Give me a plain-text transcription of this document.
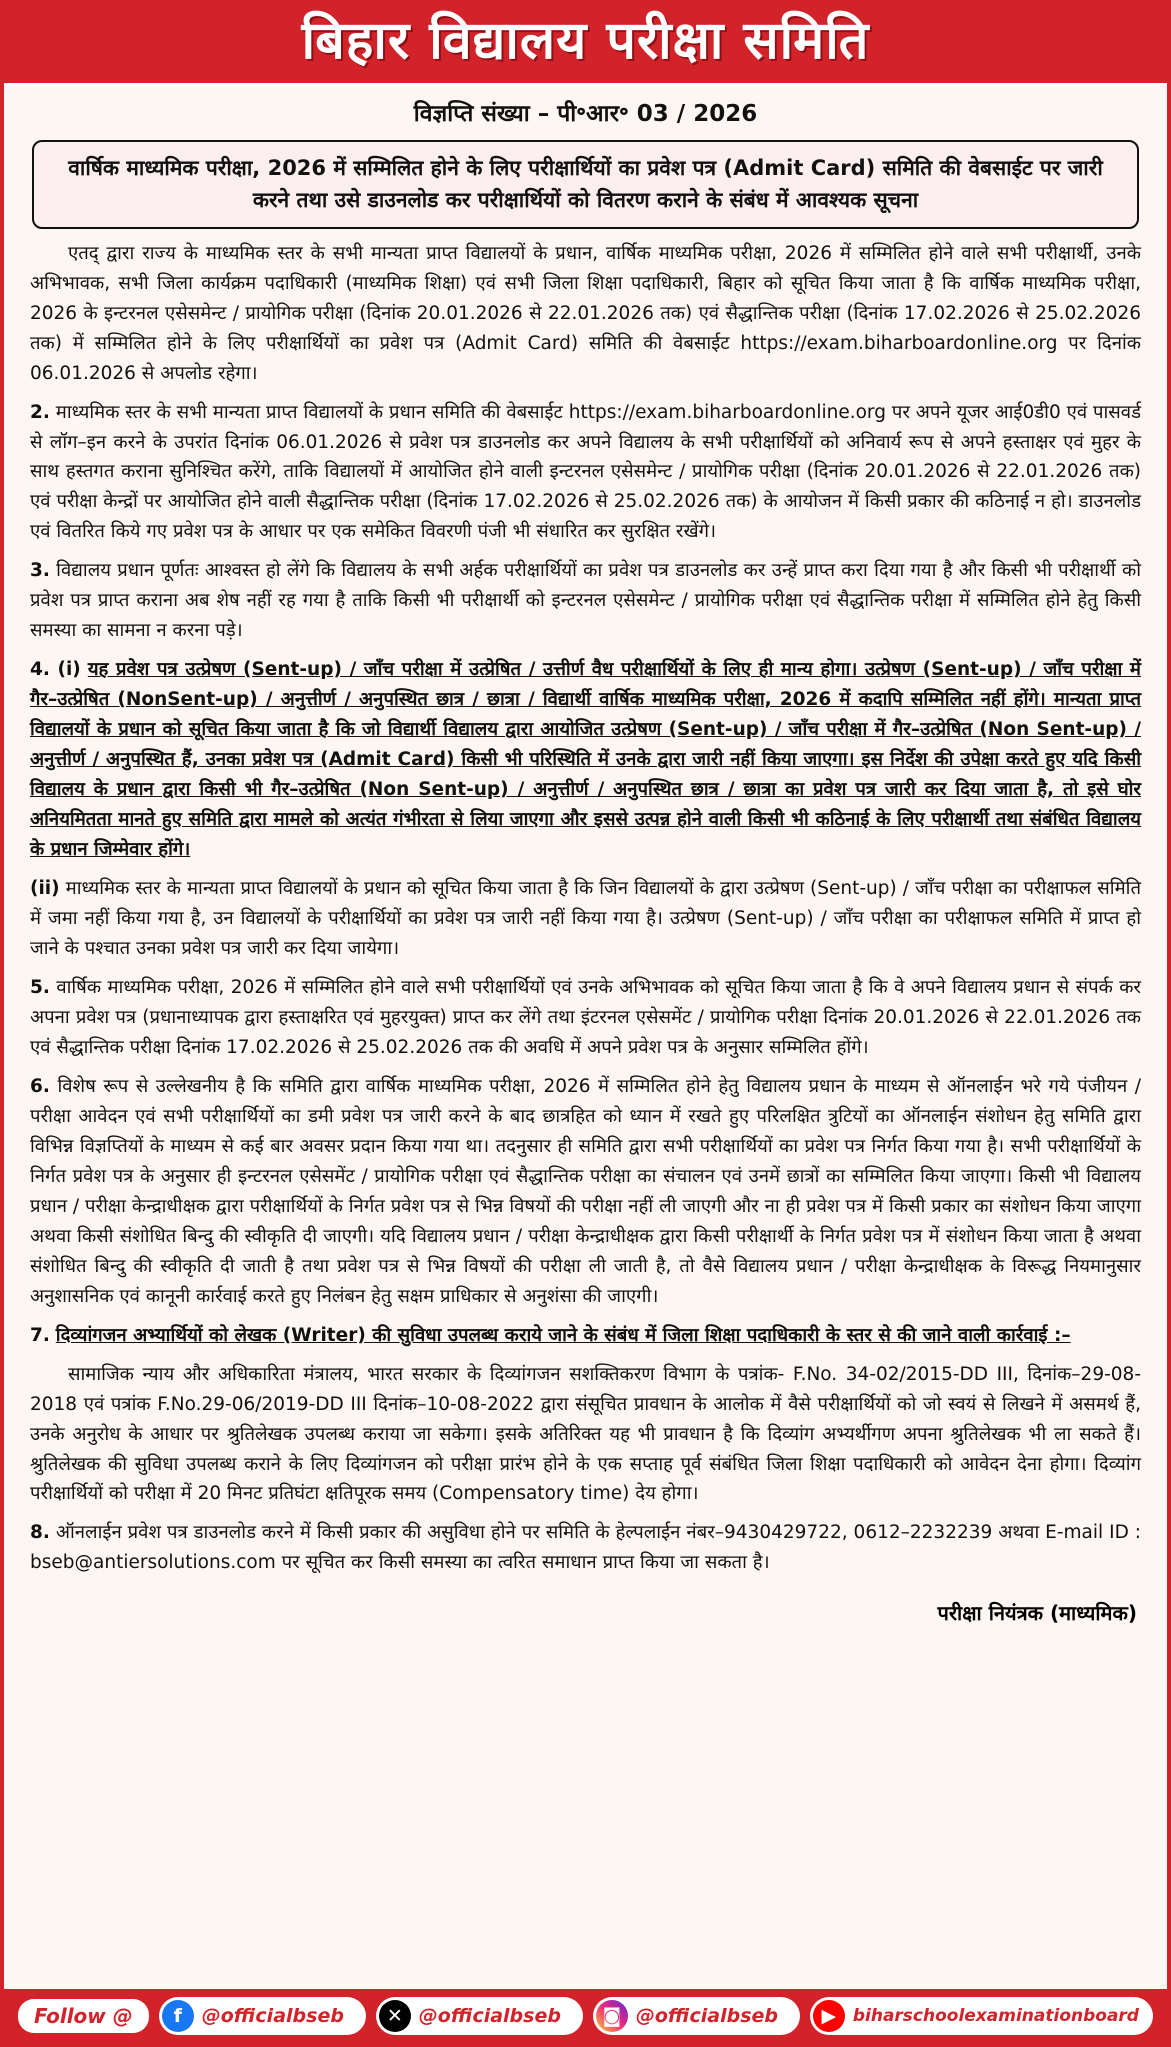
बिहार विद्यालय परीक्षा समिति
विज्ञप्ति संख्या – पी॰आर॰ 03 / 2026
वार्षिक माध्यमिक परीक्षा, 2026 में सम्मिलित होने के लिए परीक्षार्थियों का प्रवेश पत्र (Admit Card) समिति की वेबसाईट पर जारी करने तथा उसे डाउनलोड कर परीक्षार्थियों को वितरण कराने के संबंध में आवश्यक सूचना

एतद् द्वारा राज्य के माध्यमिक स्तर के सभी मान्यता प्राप्त विद्यालयों के प्रधान, वार्षिक माध्यमिक परीक्षा, 2026 में सम्मिलित होने वाले सभी परीक्षार्थी, उनके अभिभावक, सभी जिला कार्यक्रम पदाधिकारी (माध्यमिक शिक्षा) एवं सभी जिला शिक्षा पदाधिकारी, बिहार को सूचित किया जाता है कि वार्षिक माध्यमिक परीक्षा, 2026 के इन्टरनल एसेसमेन्ट / प्रायोगिक परीक्षा (दिनांक 20.01.2026 से 22.01.2026 तक) एवं सैद्धान्तिक परीक्षा (दिनांक 17.02.2026 से 25.02.2026 तक) में सम्मिलित होने के लिए परीक्षार्थियों का प्रवेश पत्र (Admit Card) समिति की वेबसाईट https://exam.biharboardonline.org पर दिनांक 06.01.2026 से अपलोड रहेगा।

2. माध्यमिक स्तर के सभी मान्यता प्राप्त विद्यालयों के प्रधान समिति की वेबसाईट https://exam.biharboardonline.org पर अपने यूजर आई0डी0 एवं पासवर्ड से लॉग–इन करने के उपरांत दिनांक 06.01.2026 से प्रवेश पत्र डाउनलोड कर अपने विद्यालय के सभी परीक्षार्थियों को अनिवार्य रूप से अपने हस्ताक्षर एवं मुहर के साथ हस्तगत कराना सुनिश्चित करेंगे, ताकि विद्यालयों में आयोजित होने वाली इन्टरनल एसेसमेन्ट / प्रायोगिक परीक्षा (दिनांक 20.01.2026 से 22.01.2026 तक) एवं परीक्षा केन्द्रों पर आयोजित होने वाली सैद्धान्तिक परीक्षा (दिनांक 17.02.2026 से 25.02.2026 तक) के आयोजन में किसी प्रकार की कठिनाई न हो। डाउनलोड एवं वितरित किये गए प्रवेश पत्र के आधार पर एक समेकित विवरणी पंजी भी संधारित कर सुरक्षित रखेंगे।

3. विद्यालय प्रधान पूर्णतः आश्वस्त हो लेंगे कि विद्यालय के सभी अर्हक परीक्षार्थियों का प्रवेश पत्र डाउनलोड कर उन्हें प्राप्त करा दिया गया है और किसी भी परीक्षार्थी को प्रवेश पत्र प्राप्त कराना अब शेष नहीं रह गया है ताकि किसी भी परीक्षार्थी को इन्टरनल एसेसमेन्ट / प्रायोगिक परीक्षा एवं सैद्धान्तिक परीक्षा में सम्मिलित होने हेतु किसी समस्या का सामना न करना पड़े।

4. (i) यह प्रवेश पत्र उत्प्रेषण (Sent-up) / जाँच परीक्षा में उत्प्रेषित / उत्तीर्ण वैध परीक्षार्थियों के लिए ही मान्य होगा। उत्प्रेषण (Sent-up) / जाँच परीक्षा में गैर–उत्प्रेषित (NonSent-up) / अनुत्तीर्ण / अनुपस्थित छात्र / छात्रा / विद्यार्थी वार्षिक माध्यमिक परीक्षा, 2026 में कदापि सम्मिलित नहीं होंगे। मान्यता प्राप्त विद्यालयों के प्रधान को सूचित किया जाता है कि जो विद्यार्थी विद्यालय द्वारा आयोजित उत्प्रेषण (Sent-up) / जाँच परीक्षा में गैर–उत्प्रेषित (Non Sent-up) / अनुत्तीर्ण / अनुपस्थित हैं, उनका प्रवेश पत्र (Admit Card) किसी भी परिस्थिति में उनके द्वारा जारी नहीं किया जाएगा। इस निर्देश की उपेक्षा करते हुए यदि किसी विद्यालय के प्रधान द्वारा किसी भी गैर–उत्प्रेषित (Non Sent-up) / अनुत्तीर्ण / अनुपस्थित छात्र / छात्रा का प्रवेश पत्र जारी कर दिया जाता है, तो इसे घोर अनियमितता मानते हुए समिति द्वारा मामले को अत्यंत गंभीरता से लिया जाएगा और इससे उत्पन्न होने वाली किसी भी कठिनाई के लिए परीक्षार्थी तथा संबंधित विद्यालय के प्रधान जिम्मेवार होंगे।

(ii) माध्यमिक स्तर के मान्यता प्राप्त विद्यालयों के प्रधान को सूचित किया जाता है कि जिन विद्यालयों के द्वारा उत्प्रेषण (Sent-up) / जाँच परीक्षा का परीक्षाफल समिति में जमा नहीं किया गया है, उन विद्यालयों के परीक्षार्थियों का प्रवेश पत्र जारी नहीं किया गया है। उत्प्रेषण (Sent-up) / जाँच परीक्षा का परीक्षाफल समिति में प्राप्त हो जाने के पश्चात उनका प्रवेश पत्र जारी कर दिया जायेगा।

5. वार्षिक माध्यमिक परीक्षा, 2026 में सम्मिलित होने वाले सभी परीक्षार्थियों एवं उनके अभिभावक को सूचित किया जाता है कि वे अपने विद्यालय प्रधान से संपर्क कर अपना प्रवेश पत्र (प्रधानाध्यापक द्वारा हस्ताक्षरित एवं मुहरयुक्त) प्राप्त कर लेंगे तथा इंटरनल एसेसमेंट / प्रायोगिक परीक्षा दिनांक 20.01.2026 से 22.01.2026 तक एवं सैद्धान्तिक परीक्षा दिनांक 17.02.2026 से 25.02.2026 तक की अवधि में अपने प्रवेश पत्र के अनुसार सम्मिलित होंगे।

6. विशेष रूप से उल्लेखनीय है कि समिति द्वारा वार्षिक माध्यमिक परीक्षा, 2026 में सम्मिलित होने हेतु विद्यालय प्रधान के माध्यम से ऑनलाईन भरे गये पंजीयन / परीक्षा आवेदन एवं सभी परीक्षार्थियों का डमी प्रवेश पत्र जारी करने के बाद छात्रहित को ध्यान में रखते हुए परिलक्षित त्रुटियों का ऑनलाईन संशोधन हेतु समिति द्वारा विभिन्न विज्ञप्तियों के माध्यम से कई बार अवसर प्रदान किया गया था। तदनुसार ही समिति द्वारा सभी परीक्षार्थियों का प्रवेश पत्र निर्गत किया गया है। सभी परीक्षार्थियों के निर्गत प्रवेश पत्र के अनुसार ही इन्टरनल एसेसमेंट / प्रायोगिक परीक्षा एवं सैद्धान्तिक परीक्षा का संचालन एवं उनमें छात्रों का सम्मिलित किया जाएगा। किसी भी विद्यालय प्रधान / परीक्षा केन्द्राधीक्षक द्वारा परीक्षार्थियों के निर्गत प्रवेश पत्र से भिन्न विषयों की परीक्षा नहीं ली जाएगी और ना ही प्रवेश पत्र में किसी प्रकार का संशोधन किया जाएगा अथवा किसी संशोधित बिन्दु की स्वीकृति दी जाएगी। यदि विद्यालय प्रधान / परीक्षा केन्द्राधीक्षक द्वारा किसी परीक्षार्थी के निर्गत प्रवेश पत्र में संशोधन किया जाता है अथवा संशोधित बिन्दु की स्वीकृति दी जाती है तथा प्रवेश पत्र से भिन्न विषयों की परीक्षा ली जाती है, तो वैसे विद्यालय प्रधान / परीक्षा केन्द्राधीक्षक के विरूद्ध नियमानुसार अनुशासनिक एवं कानूनी कार्रवाई करते हुए निलंबन हेतु सक्षम प्राधिकार से अनुशंसा की जाएगी।

7. दिव्यांगजन अभ्यार्थियों को लेखक (Writer) की सुविधा उपलब्ध कराये जाने के संबंध में जिला शिक्षा पदाधिकारी के स्तर से की जाने वाली कार्रवाई :–

सामाजिक न्याय और अधिकारिता मंत्रालय, भारत सरकार के दिव्यांगजन सशक्तिकरण विभाग के पत्रांक- F.No. 34-02/2015-DD III, दिनांक–29-08-2018 एवं पत्रांक F.No.29-06/2019-DD III दिनांक–10-08-2022 द्वारा संसूचित प्रावधान के आलोक में वैसे परीक्षार्थियों को जो स्वयं से लिखने में असमर्थ हैं, उनके अनुरोध के आधार पर श्रुतिलेखक उपलब्ध कराया जा सकेगा। इसके अतिरिक्त यह भी प्रावधान है कि दिव्यांग अभ्यर्थीगण अपना श्रुतिलेखक भी ला सकते हैं। श्रुतिलेखक की सुविधा उपलब्ध कराने के लिए दिव्यांगजन को परीक्षा प्रारंभ होने के एक सप्ताह पूर्व संबंधित जिला शिक्षा पदाधिकारी को आवेदन देना होगा। दिव्यांग परीक्षार्थियों को परीक्षा में 20 मिनट प्रतिघंटा क्षतिपूरक समय (Compensatory time) देय होगा।

8. ऑनलाईन प्रवेश पत्र डाउनलोड करने में किसी प्रकार की असुविधा होने पर समिति के हेल्पलाईन नंबर–9430429722, 0612–2232239 अथवा E-mail ID : bseb@antiersolutions.com पर सूचित कर किसी समस्या का त्वरित समाधान प्राप्त किया जा सकता है।

परीक्षा नियंत्रक (माध्यमिक)
Follow @	f	@officialbseb	✕ @officialbseb	◙ @officialbseb	▶ biharschoolexaminationboard
